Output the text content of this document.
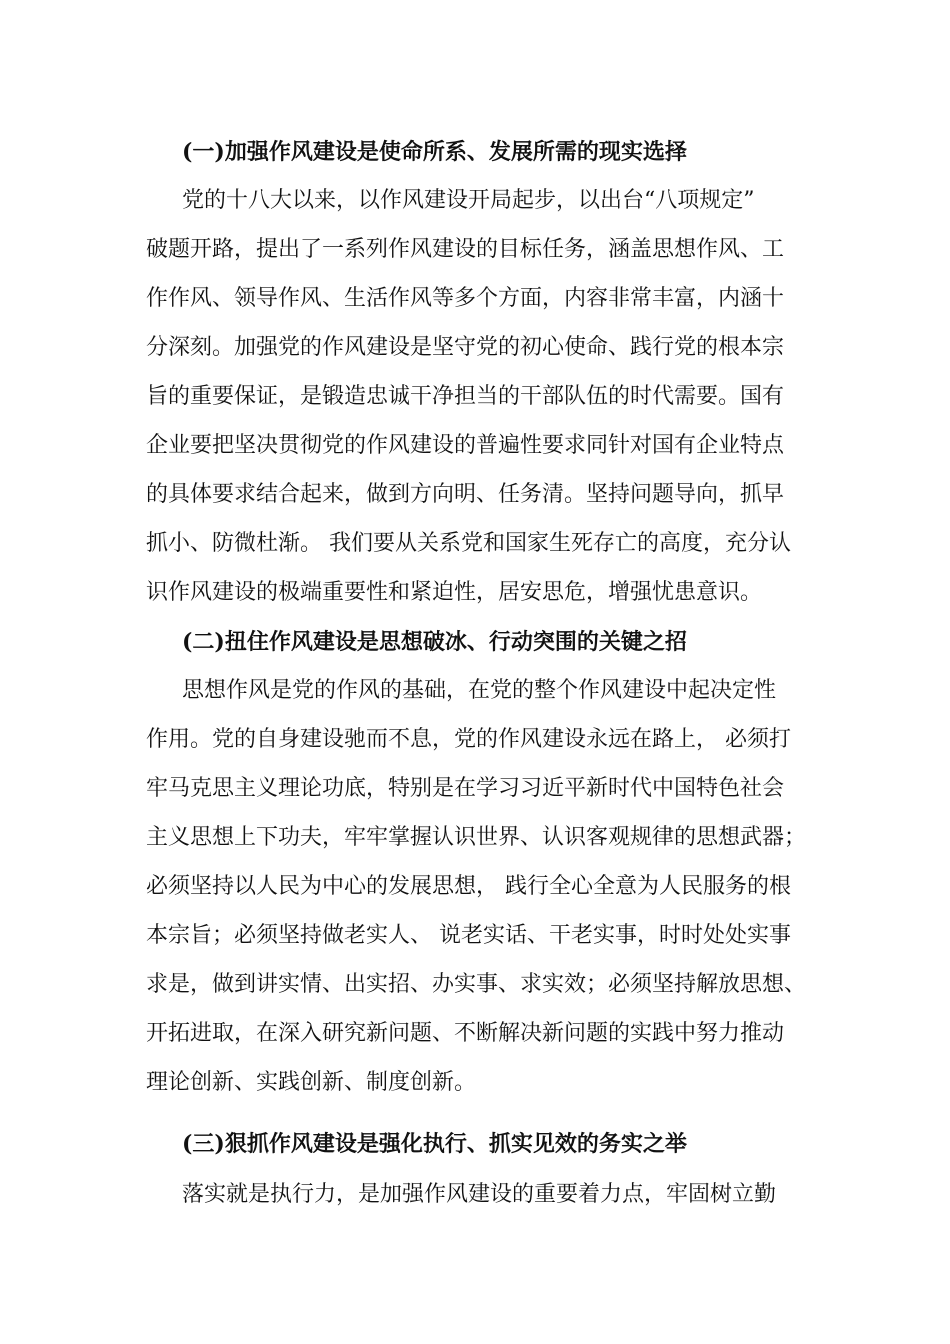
(一)加强作风建设是使命所系、发展所需的现实选择
党的十八大以来，以作风建设开局起步，以出台“八项规定”
破题开路，提出了一系列作风建设的目标任务，涵盖思想作风、工
作作风、领导作风、生活作风等多个方面，内容非常丰富，内涵十
分深刻。加强党的作风建设是坚守党的初心使命、践行党的根本宗
旨的重要保证，是锻造忠诚干净担当的干部队伍的时代需要。国有
企业要把坚决贯彻党的作风建设的普遍性要求同针对国有企业特点
的具体要求结合起来，做到方向明、任务清。坚持问题导向，抓早
抓小、防微杜渐。 我们要从关系党和国家生死存亡的高度，充分认
识作风建设的极端重要性和紧迫性，居安思危，增强忧患意识。
(二)扭住作风建设是思想破冰、行动突围的关键之招
思想作风是党的作风的基础，在党的整个作风建设中起决定性
作用。党的自身建设驰而不息，党的作风建设永远在路上， 必须打
牢马克思主义理论功底，特别是在学习习近平新时代中国特色社会
主义思想上下功夫，牢牢掌握认识世界、认识客观规律的思想武器；
必须坚持以人民为中心的发展思想， 践行全心全意为人民服务的根
本宗旨；必须坚持做老实人、 说老实话、干老实事，时时处处实事
求是，做到讲实情、出实招、办实事、求实效；必须坚持解放思想、
开拓进取，在深入研究新问题、不断解决新问题的实践中努力推动
理论创新、实践创新、制度创新。
(三)狠抓作风建设是强化执行、抓实见效的务实之举
落实就是执行力，是加强作风建设的重要着力点，牢固树立勤
